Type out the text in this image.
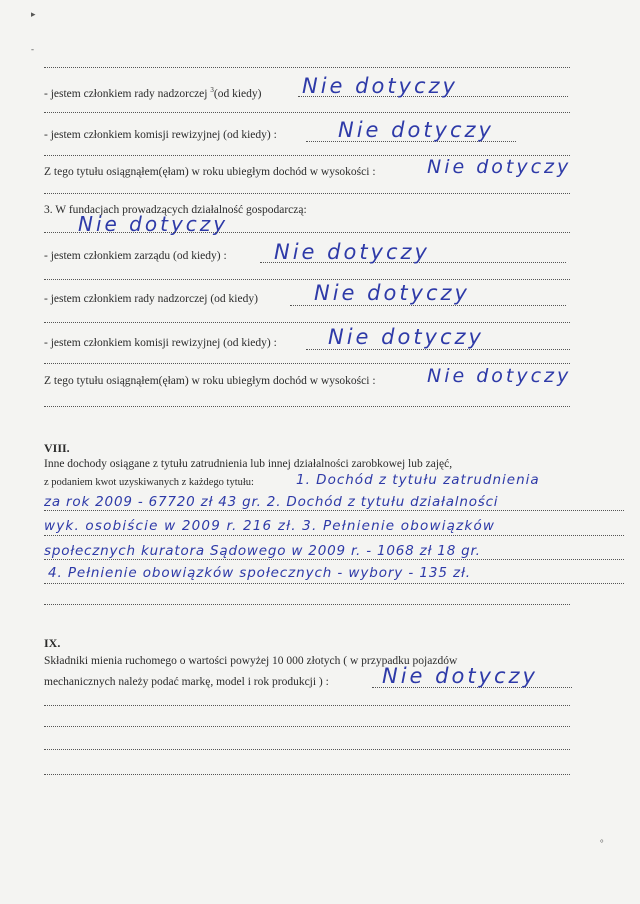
▸
-
°
- jestem członkiem rady nadzorczej $^3$(od kiedy) Nie dotyczy
- jestem członkiem komisji rewizyjnej (od kiedy) :	Nie dotyczy
Z tego tytułu osiągnąłem(ęłam) w roku ubiegłym dochód w wysokości :	Nie dotyczy
3. W fundacjach prowadzących działalność gospodarczą:
Nie dotyczy
- jestem członkiem zarządu (od kiedy) : Nie dotyczy
- jestem członkiem rady nadzorczej (od kiedy)	Nie dotyczy
- jestem członkiem komisji rewizyjnej (od kiedy) : Nie dotyczy
Z tego tytułu osiągnąłem(ęłam) w roku ubiegłym dochód w wysokości :	Nie dotyczy
VIII.
Inne dochody osiągane z tytułu zatrudnienia lub innej działalności zarobkowej lub zajęć,
z podaniem kwot uzyskiwanych z każdego tytułu:	1. Dochód z tytułu zatrudnienia
za rok 2009 - 67720 zł 43 gr. 2. Dochód z tytułu działalności
wyk. osobiście w 2009 r. 216 zł. 3. Pełnienie obowiązków
społecznych kuratora Sądowego w 2009 r. - 1068 zł 18 gr.
4. Pełnienie obowiązków społecznych - wybory - 135 zł.
IX.
Składniki mienia ruchomego o wartości powyżej 10 000 złotych ( w przypadku pojazdów
mechanicznych należy podać markę, model i rok produkcji ) :	Nie dotyczy
